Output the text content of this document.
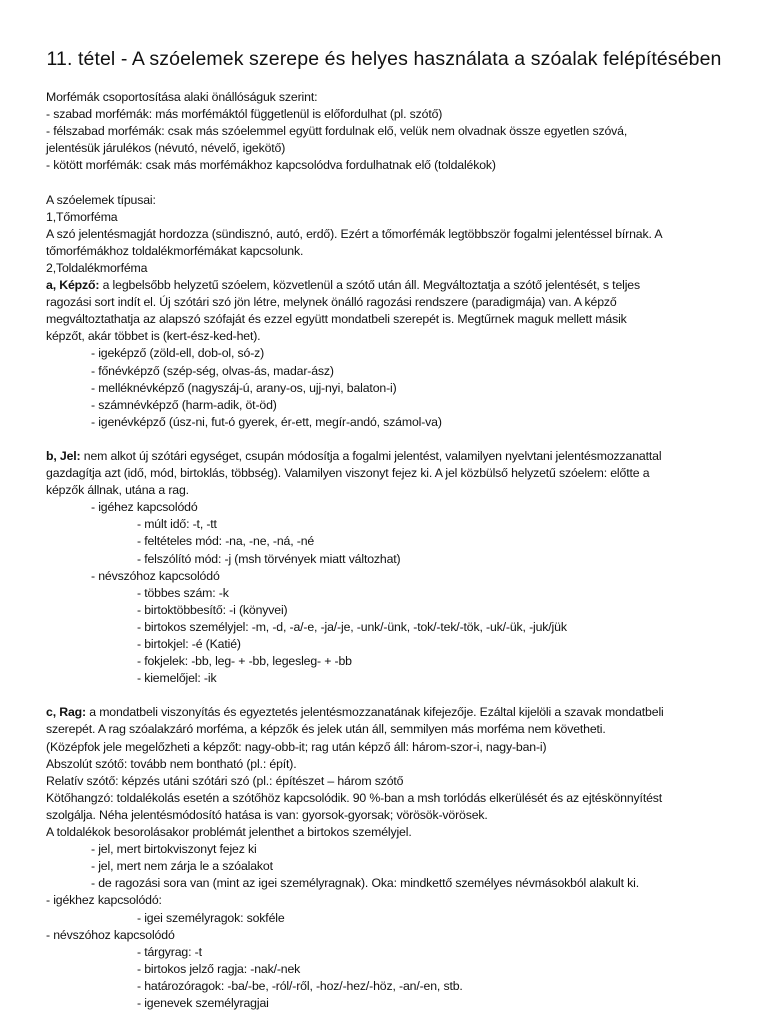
11. tétel - A szóelemek szerepe és helyes használata a szóalak felépítésében
Morfémák csoportosítása alaki önállóságuk szerint:
- szabad morfémák: más morfémáktól függetlenül is előfordulhat (pl. szótő)
- félszabad morfémák: csak más szóelemmel együtt fordulnak elő, velük nem olvadnak össze egyetlen szóvá,
jelentésük járulékos (névutó, névelő, igekötő)
- kötött morfémák: csak más morfémákhoz kapcsolódva fordulhatnak elő (toldalékok)
A szóelemek típusai:
1,Tőmorféma
A szó jelentésmagját hordozza (sündisznó, autó, erdő). Ezért a tőmorfémák legtöbbször fogalmi jelentéssel bírnak. A
tőmorfémákhoz toldalékmorfémákat kapcsolunk.
2,Toldalékmorféma
a, Képző: a legbelsőbb helyzetű szóelem, közvetlenül a szótő után áll. Megváltoztatja a szótő jelentését, s teljes
ragozási sort indít el. Új szótári szó jön létre, melynek önálló ragozási rendszere (paradigmája) van. A képző
megváltoztathatja az alapszó szófaját és ezzel együtt mondatbeli szerepét is. Megtűrnek maguk mellett másik
képzőt, akár többet is (kert-ész-ked-het).
- igeképző (zöld-ell, dob-ol, só-z)
- főnévképző (szép-ség, olvas-ás, madar-ász)
- melléknévképző (nagyszáj-ú, arany-os, ujj-nyi, balaton-i)
- számnévképző (harm-adik, öt-öd)
- igenévképző (úsz-ni, fut-ó gyerek, ér-ett, megír-andó, számol-va)
b, Jel: nem alkot új szótári egységet, csupán módosítja a fogalmi jelentést, valamilyen nyelvtani jelentésmozzanattal
gazdagítja azt (idő, mód, birtoklás, többség). Valamilyen viszonyt fejez ki. A jel közbülső helyzetű szóelem: előtte a
képzők állnak, utána a rag.
- igéhez kapcsolódó
- múlt idő: -t, -tt
- feltételes mód: -na, -ne, -ná, -né
- felszólító mód: -j (msh törvények miatt változhat)
- névszóhoz kapcsolódó
- többes szám: -k
- birtoktöbbesítő: -i (könyvei)
- birtokos személyjel: -m, -d, -a/-e, -ja/-je, -unk/-ünk, -tok/-tek/-tök, -uk/-ük, -juk/jük
- birtokjel: -é (Katié)
- fokjelek: -bb, leg- + -bb, legesleg- + -bb
- kiemelőjel: -ik
c, Rag: a mondatbeli viszonyítás és egyeztetés jelentésmozzanatának kifejezője. Ezáltal kijelöli a szavak mondatbeli
szerepét. A rag szóalakzáró morféma, a képzők és jelek után áll, semmilyen más morféma nem követheti.
(Középfok jele megelőzheti a képzőt: nagy-obb-it; rag után képző áll: három-szor-i, nagy-ban-i)
Abszolút szótő: tovább nem bontható (pl.: épít).
Relatív szótő: képzés utáni szótári szó (pl.: építészet – három szótő
Kötőhangzó: toldalékolás esetén a szótőhöz kapcsolódik. 90 %-ban a msh torlódás elkerülését és az ejtéskönnyítést
szolgálja. Néha jelentésmódosító hatása is van: gyorsok-gyorsak; vörösök-vörösek.
A toldalékok besorolásakor problémát jelenthet a birtokos személyjel.
- jel, mert birtokviszonyt fejez ki
- jel, mert nem zárja le a szóalakot
- de ragozási sora van (mint az igei személyragnak). Oka: mindkettő személyes névmásokból alakult ki.
- igékhez kapcsolódó:
- igei személyragok: sokféle
- névszóhoz kapcsolódó
- tárgyrag: -t
- birtokos jelző ragja: -nak/-nek
- határozóragok: -ba/-be, -ról/-ről, -hoz/-hez/-höz, -an/-en, stb.
- igenevek személyragjai
